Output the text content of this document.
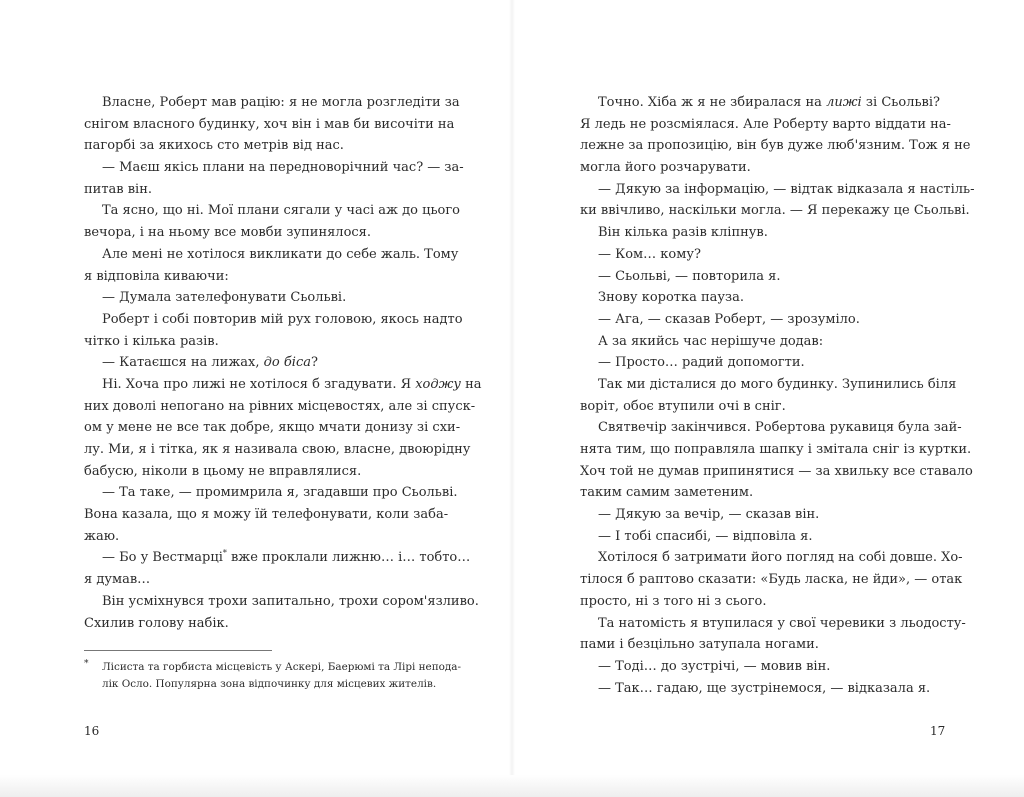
Власне, Роберт мав рацію: я не могла розгледіти за
снігом власного будинку, хоч він і мав би височіти на
пагорбі за якихось сто метрів від нас.
— Маєш якісь плани на передноворічний час? — за-
питав він.
Та ясно, що ні. Мої плани сягали у часі аж до цього
вечора, і на ньому все мовби зупинялося.
Але мені не хотілося викликати до себе жаль. Тому
я відповіла киваючи:
— Думала зателефонувати Сьольві.
Роберт і собі повторив мій рух головою, якось надто
чітко і кілька разів.
— Катаєшся на лижах, до біса?
Ні. Хоча про лижі не хотілося б згадувати. Я ходжу на
них доволі непогано на рівних місцевостях, але зі спуск-
ом у мене не все так добре, якщо мчати донизу зі схи-
лу. Ми, я і тітка, як я називала свою, власне, двоюрідну
бабусю, ніколи в цьому не вправлялися.
— Та таке, — промимрила я, згадавши про Сьольві.
Вона казала, що я можу їй телефонувати, коли заба-
жаю.
— Бо у Вестмарці* вже проклали лижню… і… тобто…
я думав…
Він усміхнувся трохи запитально, трохи сором'язливо.
Схилив голову набік.
* Лісиста та горбиста місцевість у Аскері, Баерюмі та Лірі непода-
лік Осло. Популярна зона відпочинку для місцевих жителів.
16
Точно. Хіба ж я не збиралася на лижі зі Сьольві?
Я ледь не розсміялася. Але Роберту варто віддати на-
лежне за пропозицію, він був дуже люб'язним. Тож я не
могла його розчарувати.
— Дякую за інформацію, — відтак відказала я настіль-
ки ввічливо, наскільки могла. — Я перекажу це Сьольві.
Він кілька разів кліпнув.
— Ком… кому?
— Сьольві, — повторила я.
Знову коротка пауза.
— Ага, — сказав Роберт, — зрозуміло.
А за якийсь час нерішуче додав:
— Просто… радий допомогти.
Так ми дісталися до мого будинку. Зупинились біля
воріт, обоє втупили очі в сніг.
Святвечір закінчився. Робертова рукавиця була зай-
нята тим, що поправляла шапку і змітала сніг із куртки.
Хоч той не думав припинятися — за хвильку все ставало
таким самим заметеним.
— Дякую за вечір, — сказав він.
— І тобі спасибі, — відповіла я.
Хотілося б затримати його погляд на собі довше. Хо-
тілося б раптово сказати: «Будь ласка, не йди», — отак
просто, ні з того ні з сього.
Та натомість я втупилася у свої черевики з льодосту-
пами і безцільно затупала ногами.
— Тоді… до зустрічі, — мовив він.
— Так… гадаю, ще зустрінемося, — відказала я.
17
